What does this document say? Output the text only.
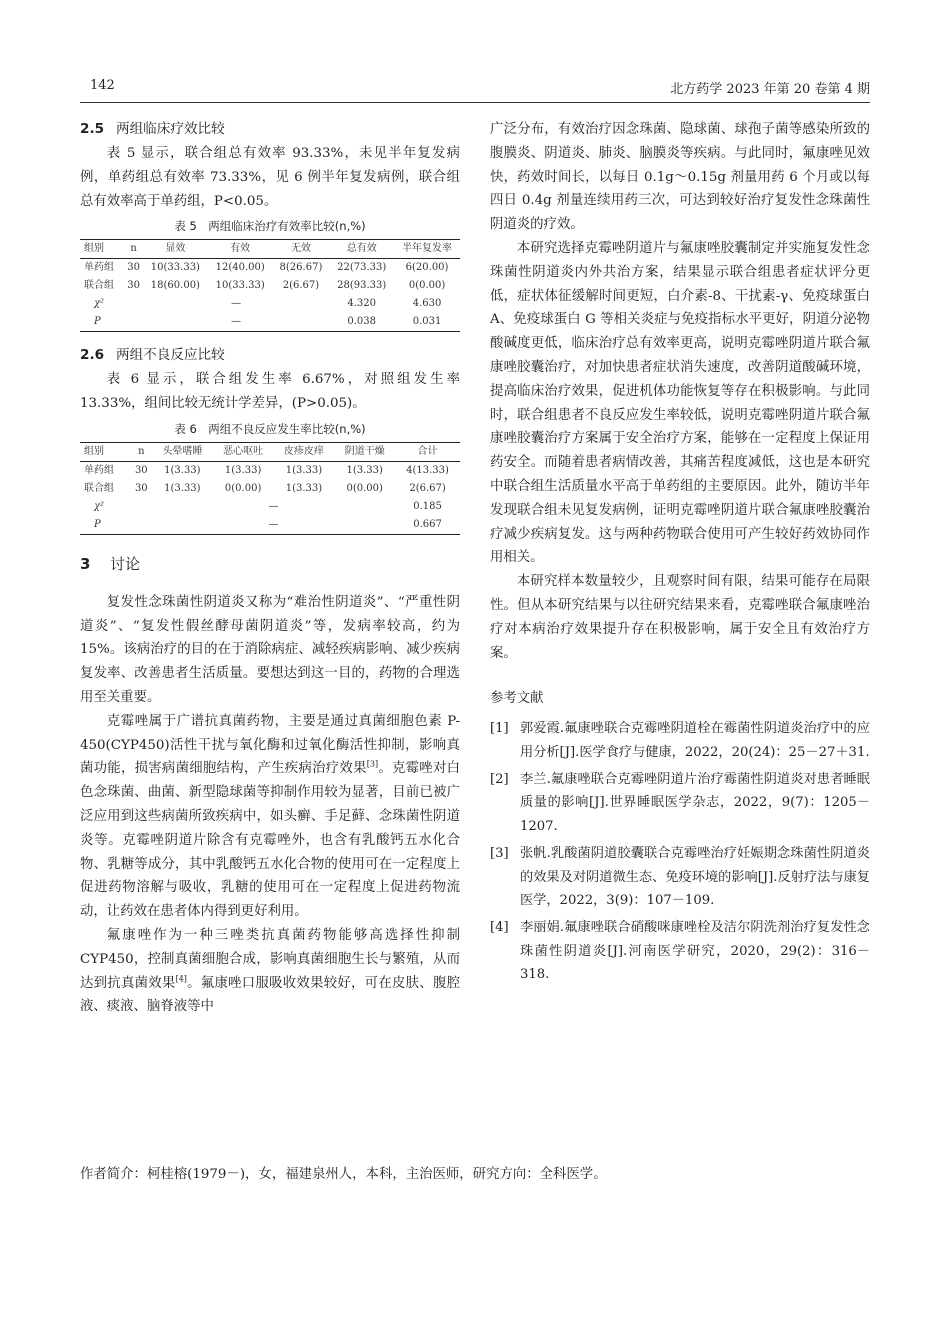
142	北方药学 2023 年第 20 卷第 4 期
2.5 两组临床疗效比较

表 5 显示，联合组总有效率 93.33%，未见半年复发病例，单药组总有效率 73.33%，见 6 例半年复发病例，联合组总有效率高于单药组，P<0.05。

表 5　两组临床治疗有效率比较(n,%)
组别	n	显效	有效	无效	总有效	半年复发率
单药组	30	10(33.33)	12(40.00)	8(26.67)	22(73.33)	6(20.00)
联合组	30	18(60.00)	10(33.33)	2(6.67)	28(93.33)	0(0.00)
χ²		—			4.320	4.630
P		—			0.038	0.031
2.6 两组不良反应比较

表 6 显示，联合组发生率 6.67%，对照组发生率 13.33%，组间比较无统计学差异，(P>0.05)。

表 6　两组不良反应发生率比较(n,%)
组别	n	头晕嗜睡	恶心呕吐	皮疹皮痒	阴道干燥	合计
单药组	30	1(3.33)	1(3.33)	1(3.33)	1(3.33)	4(13.33)
联合组	30	1(3.33)	0(0.00)	1(3.33)	0(0.00)	2(6.67)
χ²		—				0.185
P		—				0.667
3 讨论

复发性念珠菌性阴道炎又称为“难治性阴道炎”、“严重性阴道炎”、“复发性假丝酵母菌阴道炎”等，发病率较高，约为 15%。该病治疗的目的在于消除病症、减轻疾病影响、减少疾病复发率、改善患者生活质量。要想达到这一目的，药物的合理选用至关重要。

克霉唑属于广谱抗真菌药物，主要是通过真菌细胞色素 P-450(CYP450)活性干扰与氧化酶和过氧化酶活性抑制，影响真菌功能，损害病菌细胞结构，产生疾病治疗效果[3]。克霉唑对白色念珠菌、曲菌、新型隐球菌等抑制作用较为显著，目前已被广泛应用到这些病菌所致疾病中，如头癣、手足藓、念珠菌性阴道炎等。克霉唑阴道片除含有克霉唑外，也含有乳酸钙五水化合物、乳糖等成分，其中乳酸钙五水化合物的使用可在一定程度上促进药物溶解与吸收，乳糖的使用可在一定程度上促进药物流动，让药效在患者体内得到更好利用。

氟康唑作为一种三唑类抗真菌药物能够高选择性抑制 CYP450，控制真菌细胞合成，影响真菌细胞生长与繁殖，从而达到抗真菌效果[4]。氟康唑口服吸收效果较好，可在皮肤、腹腔液、痰液、脑脊液等中

广泛分布，有效治疗因念珠菌、隐球菌、球孢子菌等感染所致的腹膜炎、阴道炎、肺炎、脑膜炎等疾病。与此同时，氟康唑见效快，药效时间长，以每日 0.1g～0.15g 剂量用药 6 个月或以每四日 0.4g 剂量连续用药三次，可达到较好治疗复发性念珠菌性阴道炎的疗效。

本研究选择克霉唑阴道片与氟康唑胶囊制定并实施复发性念珠菌性阴道炎内外共治方案，结果显示联合组患者症状评分更低，症状体征缓解时间更短，白介素-8、干扰素-γ、免疫球蛋白 A、免疫球蛋白 G 等相关炎症与免疫指标水平更好，阴道分泌物酸碱度更低，临床治疗总有效率更高，说明克霉唑阴道片联合氟康唑胶囊治疗，对加快患者症状消失速度，改善阴道酸碱环境，提高临床治疗效果，促进机体功能恢复等存在积极影响。与此同时，联合组患者不良反应发生率较低，说明克霉唑阴道片联合氟康唑胶囊治疗方案属于安全治疗方案，能够在一定程度上保证用药安全。而随着患者病情改善，其痛苦程度减低，这也是本研究中联合组生活质量水平高于单药组的主要原因。此外，随访半年发现联合组未见复发病例，证明克霉唑阴道片联合氟康唑胶囊治疗减少疾病复发。这与两种药物联合使用可产生较好药效协同作用相关。

本研究样本数量较少，且观察时间有限，结果可能存在局限性。但从本研究结果与以往研究结果来看，克霉唑联合氟康唑治疗对本病治疗效果提升存在积极影响，属于安全且有效治疗方案。

参考文献
[1] 郭爱霞.氟康唑联合克霉唑阴道栓在霉菌性阴道炎治疗中的应用分析[J].医学食疗与健康，2022，20(24)：25－27＋31.
[2] 李兰.氟康唑联合克霉唑阴道片治疗霉菌性阴道炎对患者睡眠质量的影响[J].世界睡眠医学杂志，2022，9(7)：1205－1207.
[3] 张帆.乳酸菌阴道胶囊联合克霉唑治疗妊娠期念珠菌性阴道炎的效果及对阴道微生态、免疫环境的影响[J].反射疗法与康复医学，2022，3(9)：107－109.
[4] 李丽娟.氟康唑联合硝酸咪康唑栓及洁尔阴洗剂治疗复发性念珠菌性阴道炎[J].河南医学研究，2020，29(2)：316－318.
作者简介：柯桂榕(1979－)，女，福建泉州人，本科，主治医师，研究方向：全科医学。
